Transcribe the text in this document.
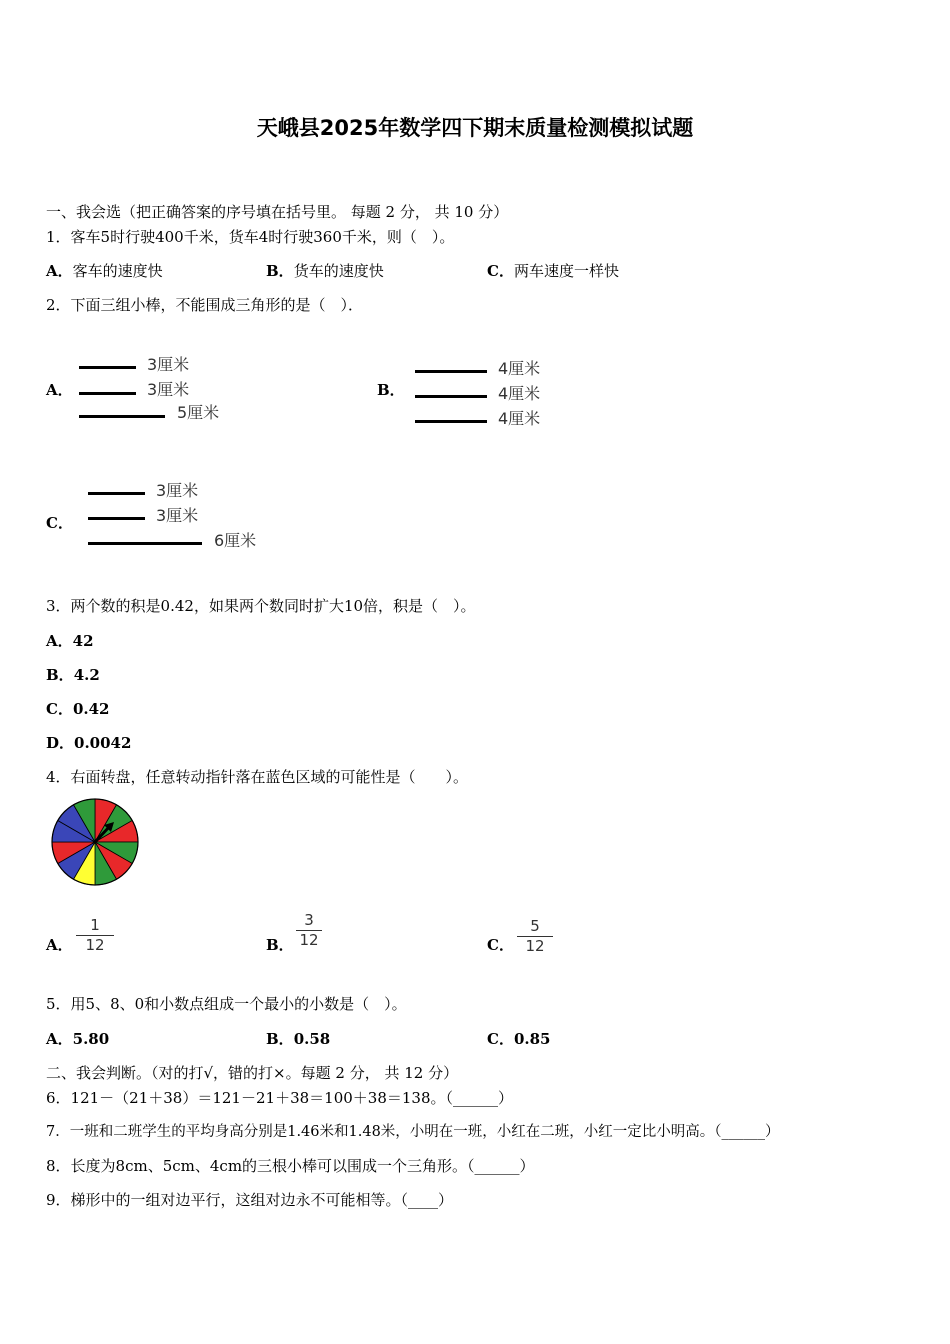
天峨县2025年数学四下期末质量检测模拟试题
一、我会选（把正确答案的序号填在括号里。 每题 2 分， 共 10 分）
1．客车5时行驶400千米，货车4时行驶360千米，则（　）。
A．客车的速度快	B．货车的速度快	C．两车速度一样快
2．下面三组小棒，不能围成三角形的是（　）．
A．
3厘米
3厘米
5厘米
B．
4厘米
4厘米
4厘米
C．
3厘米
3厘米
6厘米
3．两个数的积是0.42，如果两个数同时扩大10倍，积是（　）。
A．42
B．4.2
C．0.42
D．0.0042
4．右面转盘，任意转动指针落在蓝色区域的可能性是（　　）。
A．
1
12	B．
3
12	C．
5
12
5．用5、8、0和小数点组成一个最小的小数是（　）。
A．5.80	B．0.58	C．0.85
二、我会判断。（对的打√，错的打×。每题 2 分， 共 12 分）
6．121－（21＋38）＝121－21＋38＝100＋38＝138。（______）
7．一班和二班学生的平均身高分别是1.46米和1.48米，小明在一班，小红在二班，小红一定比小明高。（______）
8．长度为8cm、5cm、4cm的三根小棒可以围成一个三角形。（______）
9．梯形中的一组对边平行，这组对边永不可能相等。（____）
